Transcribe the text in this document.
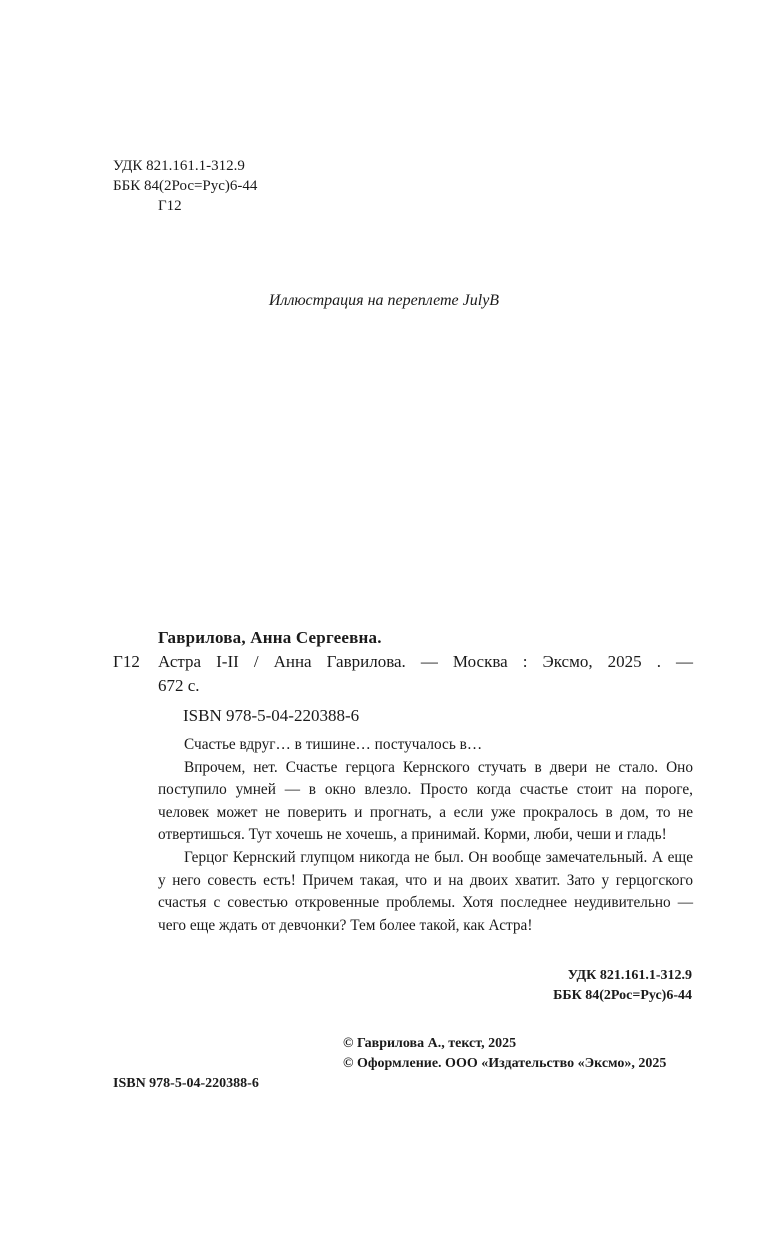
УДК 821.161.1-312.9
ББК 84(2Рос=Рус)6-44
Г12
Иллюстрация на переплете JulyB
Гаврилова, Анна Сергеевна.
Г12	Астра I-II / Анна Гаврилова. — Москва : Эксмо, 2025 . —
672 с.
ISBN 978-5-04-220388-6

Счастье вдруг… в тишине… постучалось в…

Впрочем, нет. Счастье герцога Кернского стучать в двери не стало. Оно поступило умней — в окно влезло. Просто когда счастье стоит на пороге, человек может не поверить и прогнать, а если уже прокралось в дом, то не отвертишься. Тут хочешь не хочешь, а принимай. Корми, люби, чеши и гладь!

Герцог Кернский глупцом никогда не был. Он вообще замечательный. А еще у него совесть есть! Причем такая, что и на двоих хватит. Зато у герцогского счастья с совестью откровенные проблемы. Хотя последнее неудивительно — чего еще ждать от девчонки? Тем более такой, как Астра!

УДК 821.161.1-312.9
ББК 84(2Рос=Рус)6-44
ISBN 978-5-04-220388-6
© Гаврилова А., текст, 2025
© Оформление. ООО «Издательство «Эксмо», 2025
